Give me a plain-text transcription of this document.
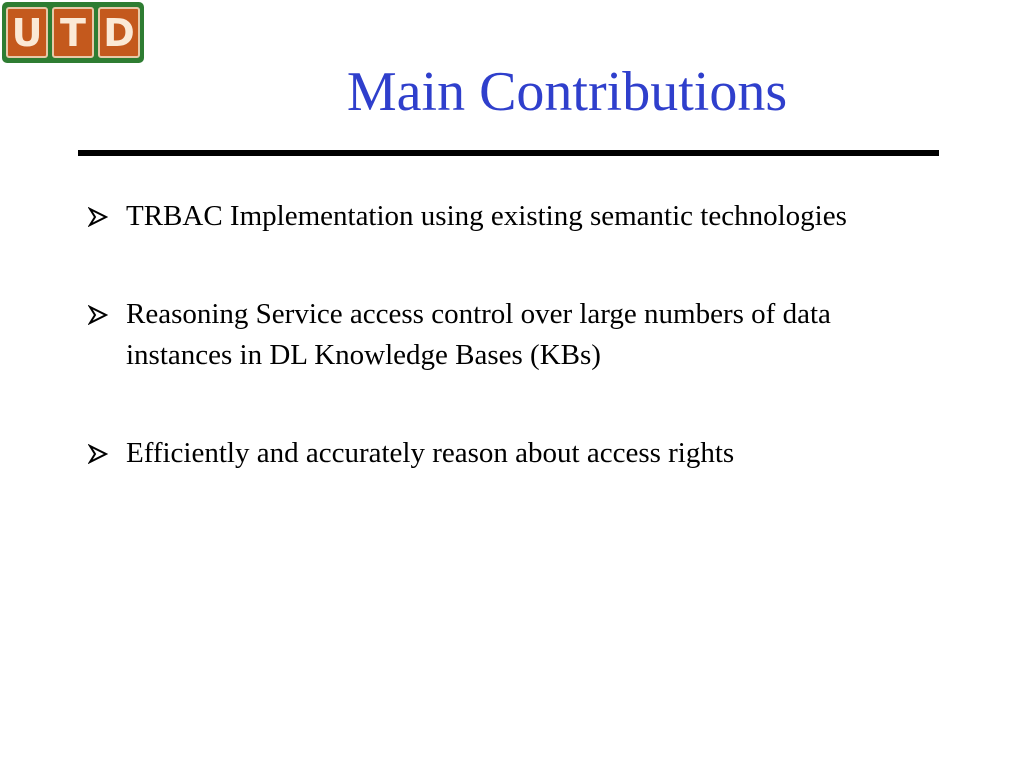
U T D
Main Contributions
TRBAC Implementation using existing semantic technologies
Reasoning Service access control over large numbers of data instances in DL Knowledge Bases (KBs)
Efficiently and accurately reason about access rights
